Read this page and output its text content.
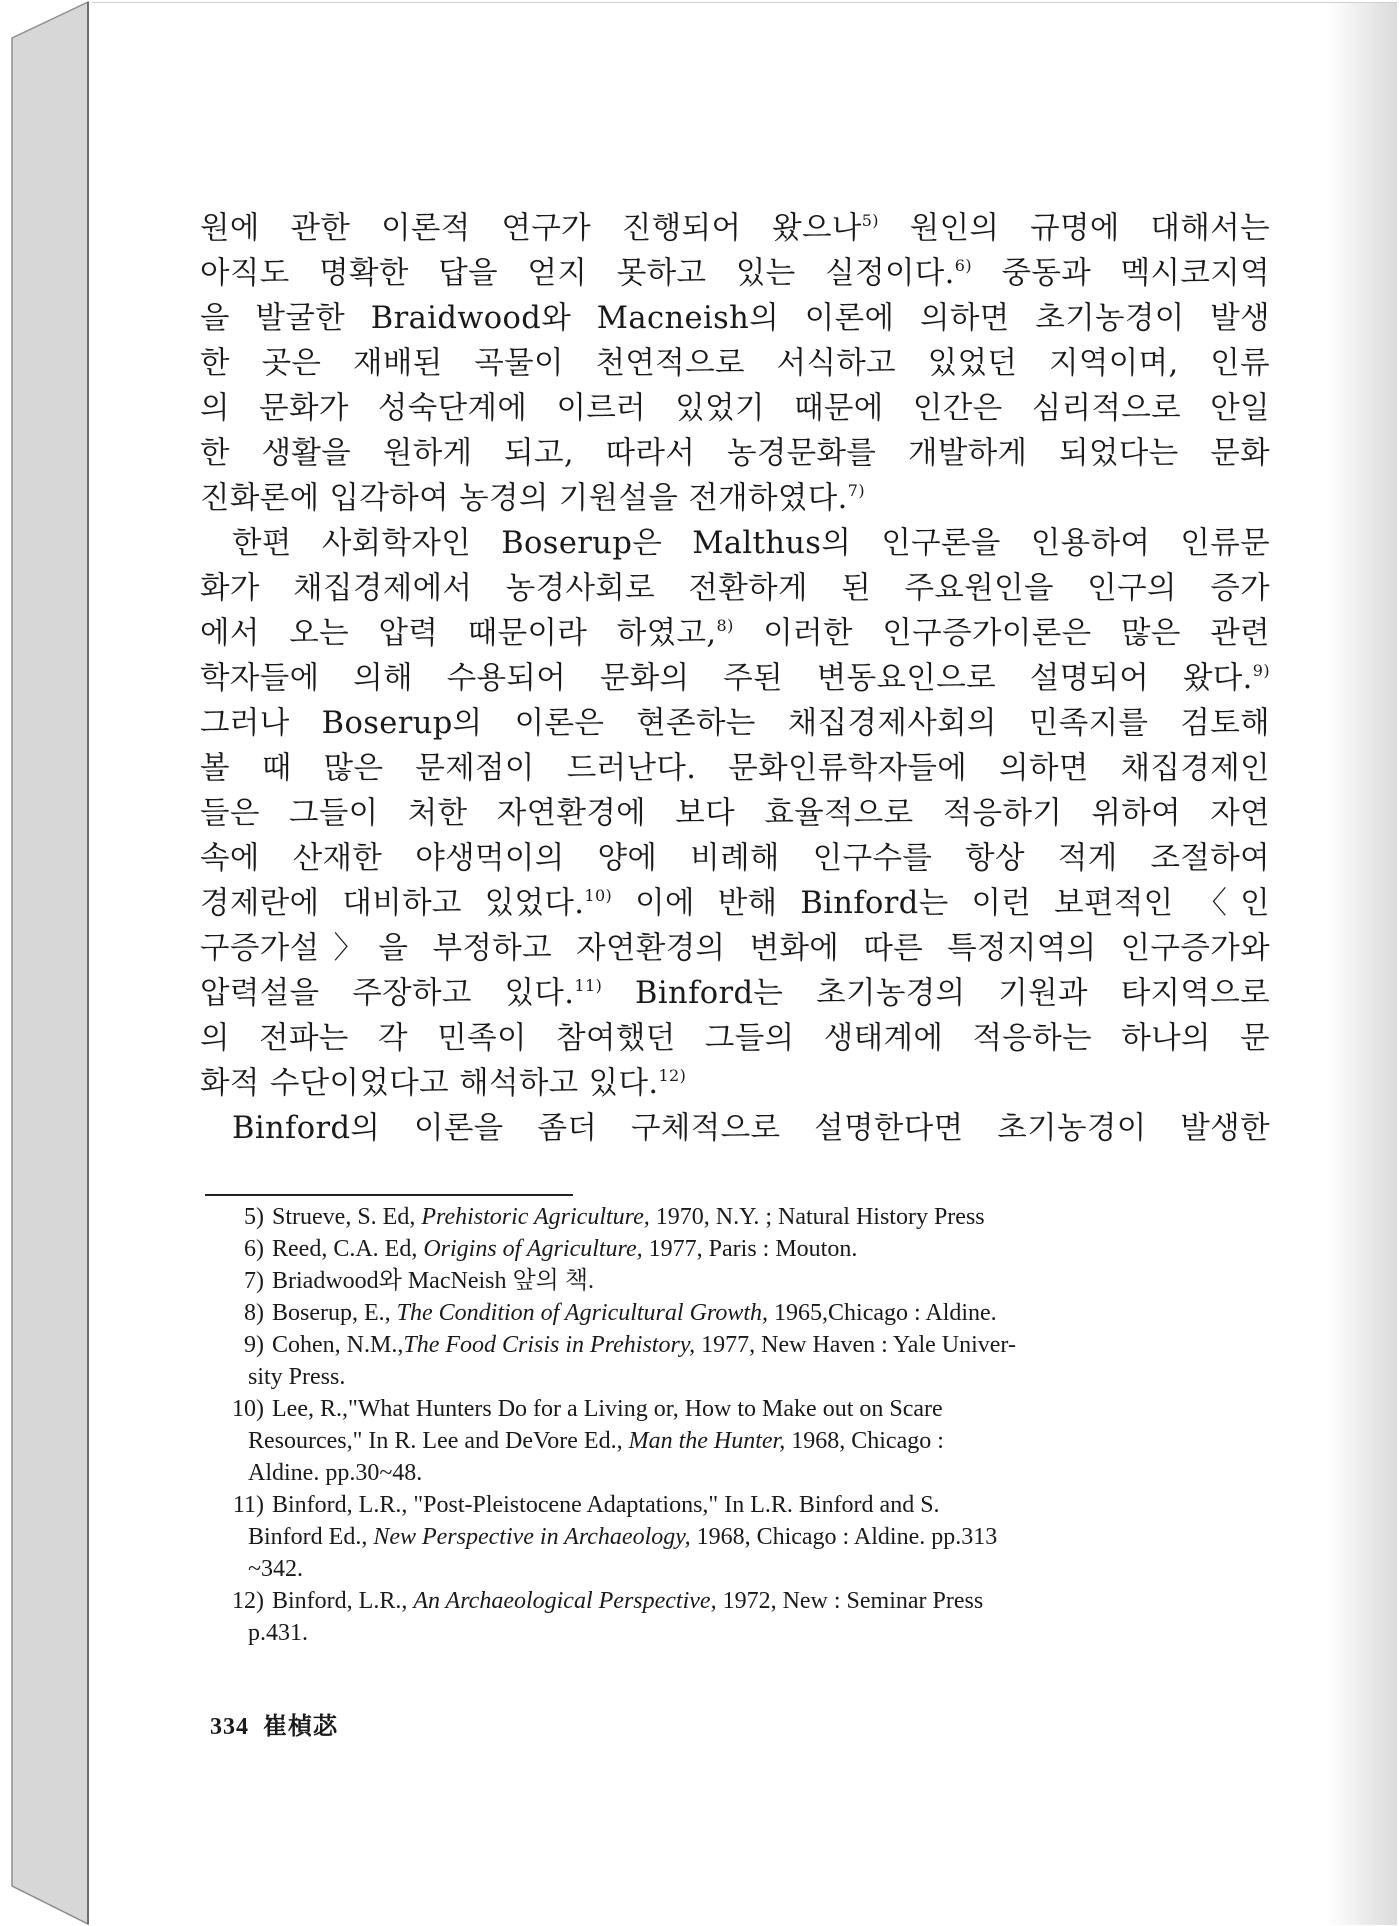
원에 관한 이론적 연구가 진행되어 왔으나$^{5)}$ 원인의 규명에 대해서는
아직도 명확한 답을 얻지 못하고 있는 실정이다.$^{6)}$ 중동과 멕시코지역
을 발굴한 Braidwood와 Macneish의 이론에 의하면 초기농경이 발생
한 곳은 재배된 곡물이 천연적으로 서식하고 있었던 지역이며, 인류
의 문화가 성숙단계에 이르러 있었기 때문에 인간은 심리적으로 안일
한 생활을 원하게 되고, 따라서 농경문화를 개발하게 되었다는 문화
진화론에 입각하여 농경의 기원설을 전개하였다.$^{7)}$
한편 사회학자인 Boserup은 Malthus의 인구론을 인용하여 인류문
화가 채집경제에서 농경사회로 전환하게 된 주요원인을 인구의 증가
에서 오는 압력 때문이라 하였고,$^{8)}$ 이러한 인구증가이론은 많은 관련
학자들에 의해 수용되어 문화의 주된 변동요인으로 설명되어 왔다.$^{9)}$
그러나 Boserup의 이론은 현존하는 채집경제사회의 민족지를 검토해
볼 때 많은 문제점이 드러난다. 문화인류학자들에 의하면 채집경제인
들은 그들이 처한 자연환경에 보다 효율적으로 적응하기 위하여 자연
속에 산재한 야생먹이의 양에 비례해 인구수를 항상 적게 조절하여
경제란에 대비하고 있었다.$^{10)}$ 이에 반해 Binford는 이런 보편적인 〈인
구증가설〉을 부정하고 자연환경의 변화에 따른 특정지역의 인구증가와
압력설을 주장하고 있다.$^{11)}$ Binford는 초기농경의 기원과 타지역으로
의 전파는 각 민족이 참여했던 그들의 생태계에 적응하는 하나의 문
화적 수단이었다고 해석하고 있다.$^{12)}$
Binford의 이론을 좀더 구체적으로 설명한다면 초기농경이 발생한
5) Strueve, S. Ed, Prehistoric Agriculture, 1970, N.Y. ; Natural History Press
6) Reed, C.A. Ed, Origins of Agriculture, 1977, Paris : Mouton.
7) Briadwood와 MacNeish 앞의 책.
8) Boserup, E., The Condition of Agricultural Growth, 1965,Chicago : Aldine.
9) Cohen, N.M.,The Food Crisis in Prehistory, 1977, New Haven : Yale Univer-
sity Press.
10) Lee, R.,"What Hunters Do for a Living or, How to Make out on Scare
Resources," In R. Lee and DeVore Ed., Man the Hunter, 1968, Chicago :
Aldine. pp.30~48.
11) Binford, L.R., "Post-Pleistocene Adaptations," In L.R. Binford and S.
Binford Ed., New Perspective in Archaeology, 1968, Chicago : Aldine. pp.313
~342.
12) Binford, L.R., An Archaeological Perspective, 1972, New : Seminar Press
p.431.
334 崔楨苾
